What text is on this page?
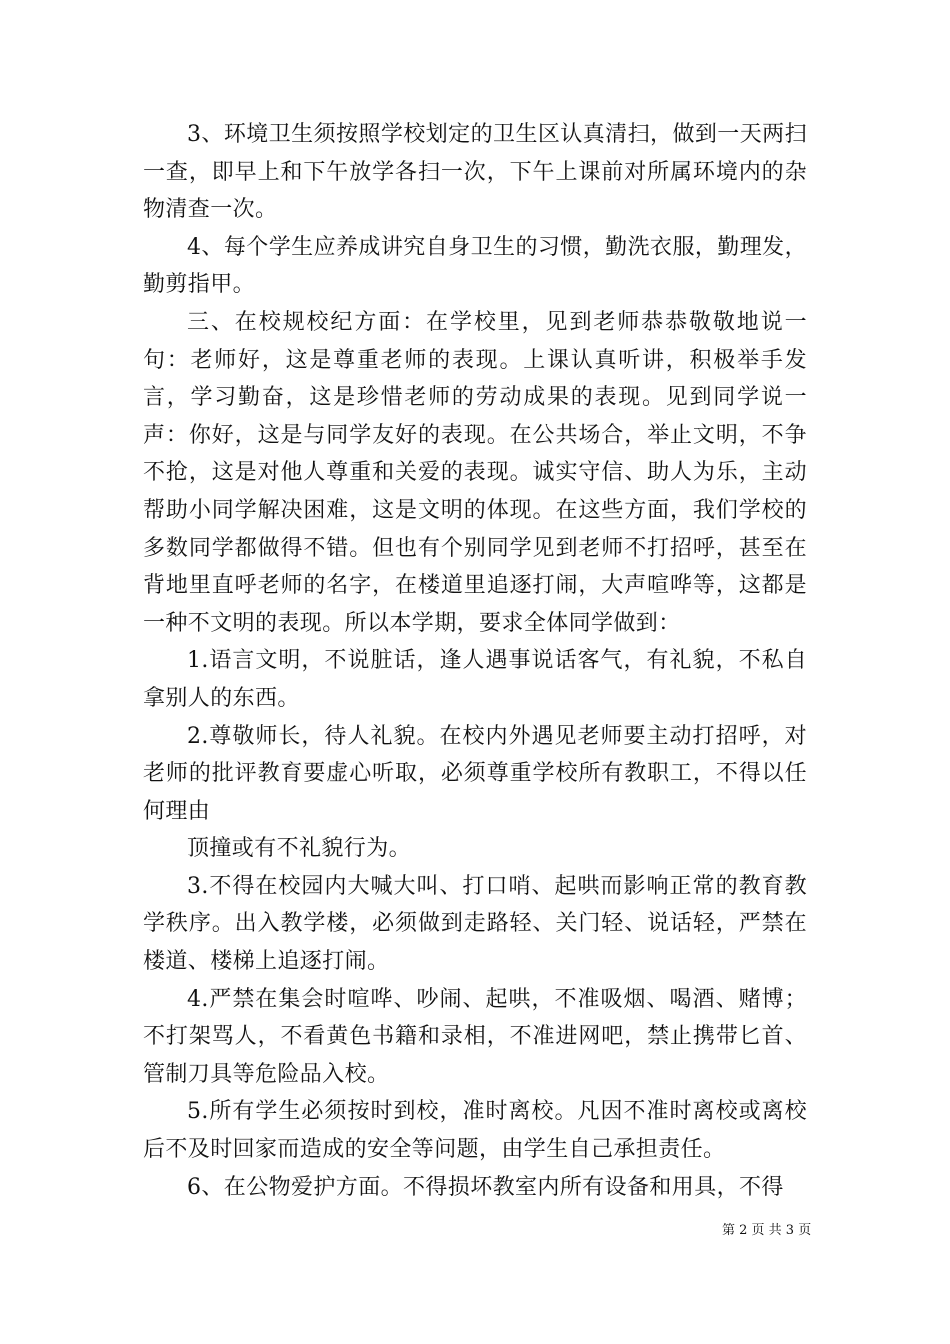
3、环境卫生须按照学校划定的卫生区认真清扫，做到一天两扫一查，即早上和下午放学各扫一次，下午上课前对所属环境内的杂物清查一次。

4、每个学生应养成讲究自身卫生的习惯，勤洗衣服，勤理发，勤剪指甲。

三、在校规校纪方面：在学校里，见到老师恭恭敬敬地说一句：老师好，这是尊重老师的表现。上课认真听讲，积极举手发言，学习勤奋，这是珍惜老师的劳动成果的表现。见到同学说一声：你好，这是与同学友好的表现。在公共场合，举止文明，不争不抢，这是对他人尊重和关爱的表现。诚实守信、助人为乐，主动帮助小同学解决困难，这是文明的体现。在这些方面，我们学校的多数同学都做得不错。但也有个别同学见到老师不打招呼，甚至在背地里直呼老师的名字，在楼道里追逐打闹，大声喧哗等，这都是一种不文明的表现。所以本学期，要求全体同学做到：

1.语言文明，不说脏话，逢人遇事说话客气，有礼貌，不私自拿别人的东西。

2.尊敬师长，待人礼貌。在校内外遇见老师要主动打招呼，对老师的批评教育要虚心听取，必须尊重学校所有教职工，不得以任何理由

顶撞或有不礼貌行为。

3.不得在校园内大喊大叫、打口哨、起哄而影响正常的教育教学秩序。出入教学楼，必须做到走路轻、关门轻、说话轻，严禁在楼道、楼梯上追逐打闹。

4.严禁在集会时喧哗、吵闹、起哄，不准吸烟、喝酒、赌博；不打架骂人，不看黄色书籍和录相，不准进网吧，禁止携带匕首、管制刀具等危险品入校。

5.所有学生必须按时到校，准时离校。凡因不准时离校或离校后不及时回家而造成的安全等问题，由学生自己承担责任。

6、在公物爱护方面。不得损坏教室内所有设备和用具，不得

第 2 页 共 3 页
